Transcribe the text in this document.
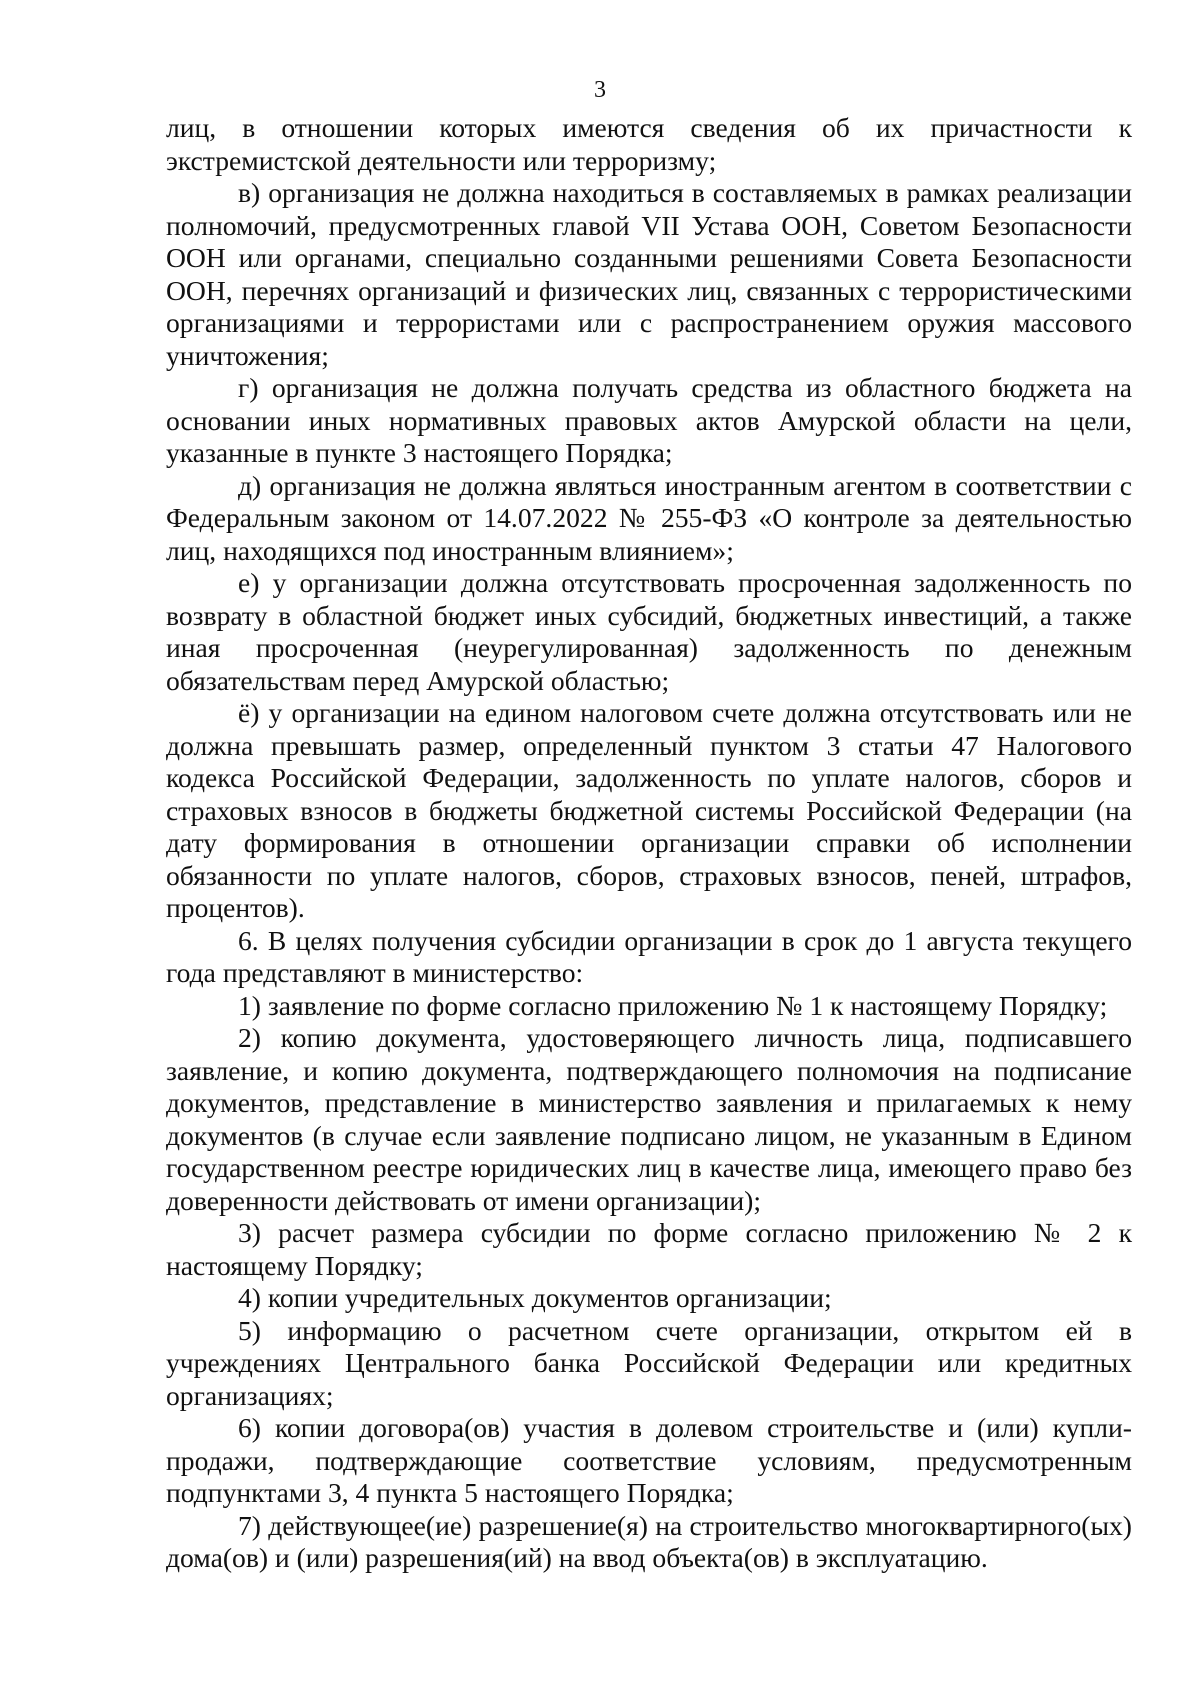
3

лиц, в отношении которых имеются сведения об их причастности к экстремистской деятельности или терроризму;

в) организация не должна находиться в составляемых в рамках реализации полномочий, предусмотренных главой VII Устава ООН, Советом Безопасности ООН или органами, специально созданными решениями Совета Безопасности ООН, перечнях организаций и физических лиц, связанных с террористическими организациями и террористами или с распространением оружия массового уничтожения;

г) организация не должна получать средства из областного бюджета на основании иных нормативных правовых актов Амурской области на цели, указанные в пункте 3 настоящего Порядка;

д) организация не должна являться иностранным агентом в соответствии с Федеральным законом от 14.07.2022 № 255-ФЗ «О контроле за деятельностью лиц, находящихся под иностранным влиянием»;

е) у организации должна отсутствовать просроченная задолженность по возврату в областной бюджет иных субсидий, бюджетных инвестиций, а также иная просроченная (неурегулированная) задолженность по денежным обязательствам перед Амурской областью;

ё) у организации на едином налоговом счете должна отсутствовать или не должна превышать размер, определенный пунктом 3 статьи 47 Налогового кодекса Российской Федерации, задолженность по уплате налогов, сборов и страховых взносов в бюджеты бюджетной системы Российской Федерации (на дату формирования в отношении организации справки об исполнении обязанности по уплате налогов, сборов, страховых взносов, пеней, штрафов, процентов).

6. В целях получения субсидии организации в срок до 1 августа текущего года представляют в министерство:

1) заявление по форме согласно приложению № 1 к настоящему Порядку;

2) копию документа, удостоверяющего личность лица, подписавшего заявление, и копию документа, подтверждающего полномочия на подписание документов, представление в министерство заявления и прилагаемых к нему документов (в случае если заявление подписано лицом, не указанным в Едином государственном реестре юридических лиц в качестве лица, имеющего право без доверенности действовать от имени организации);

3) расчет размера субсидии по форме согласно приложению № 2 к настоящему Порядку;

4) копии учредительных документов организации;

5) информацию о расчетном счете организации, открытом ей в учреждениях Центрального банка Российской Федерации или кредитных организациях;

6) копии договора(ов) участия в долевом строительстве и (или) купли-продажи, подтверждающие соответствие условиям, предусмотренным подпунктами 3, 4 пункта 5 настоящего Порядка;

7) действующее(ие) разрешение(я) на строительство многоквартирного(ых) дома(ов) и (или) разрешения(ий) на ввод объекта(ов) в эксплуатацию.
